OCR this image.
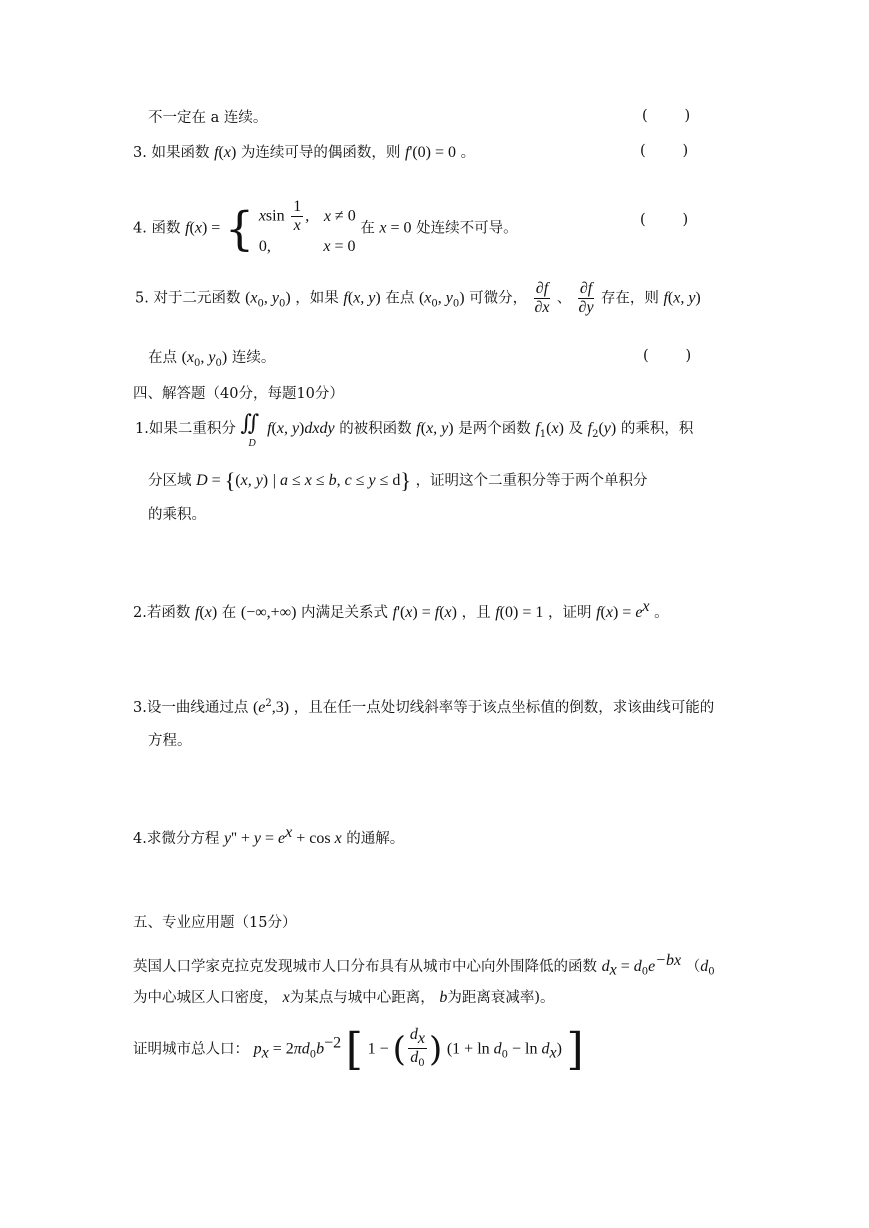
不一定在 a 连续。	(        )
3. 如果函数 f(x) 为连续可导的偶函数，则 f'(0) = 0 。	(        )
4. 函数 f(x) = { xsin $\frac{1}{x}$ , x ≠ 0
0,	x = 0
在 x = 0 处连续不可导。
(        )
5. 对于二元函数 ($x_0$, $y_0$) ，如果 f(x, y) 在点 ($x_0$, $y_0$) 可微分， $\frac{\partial f}{\partial x}$ 、 $\frac{\partial f}{\partial y}$ 存在，则 f(x, y)
在点 ($x_0$, $y_0$) 连续。	(        )
四、解答题（40分，每题10分）
1.如果二重积分 ∬
D
f(x, y)dxdy 的被积函数 f(x, y) 是两个函数 $f_1(x)$ 及 $f_2(y)$ 的乘积，积
分区域 D = {(x, y) | a ≤ x ≤ b, c ≤ y ≤ d} ，证明这个二重积分等于两个单积分
的乘积。
2.若函数 f(x) 在 (−∞,+∞) 内满足关系式 f'(x) = f(x) ，且 f(0) = 1 ，证明 $f(x) = e^x$ 。
3.设一曲线通过点 $(e^2,3)$ ，且在任一点处切线斜率等于该点坐标值的倒数，求该曲线可能的
方程。
4.求微分方程 $y'' + y = e^x + \cos x$ 的通解。
五、专业应用题（15分）
英国人口学家克拉克发现城市人口分布具有从城市中心向外围降低的函数 $d_x = d_0e^{-bx}$ （$d_0$
为中心城区人口密度， x为某点与城中心距离， b为距离衰减率)。
证明城市总人口： $p_x = 2\pi d_0b^{-2}$ [ 1 − ( $\frac{d_x}{d_0}$ ) $(1 + \ln d_0 - \ln d_x)$ ]
